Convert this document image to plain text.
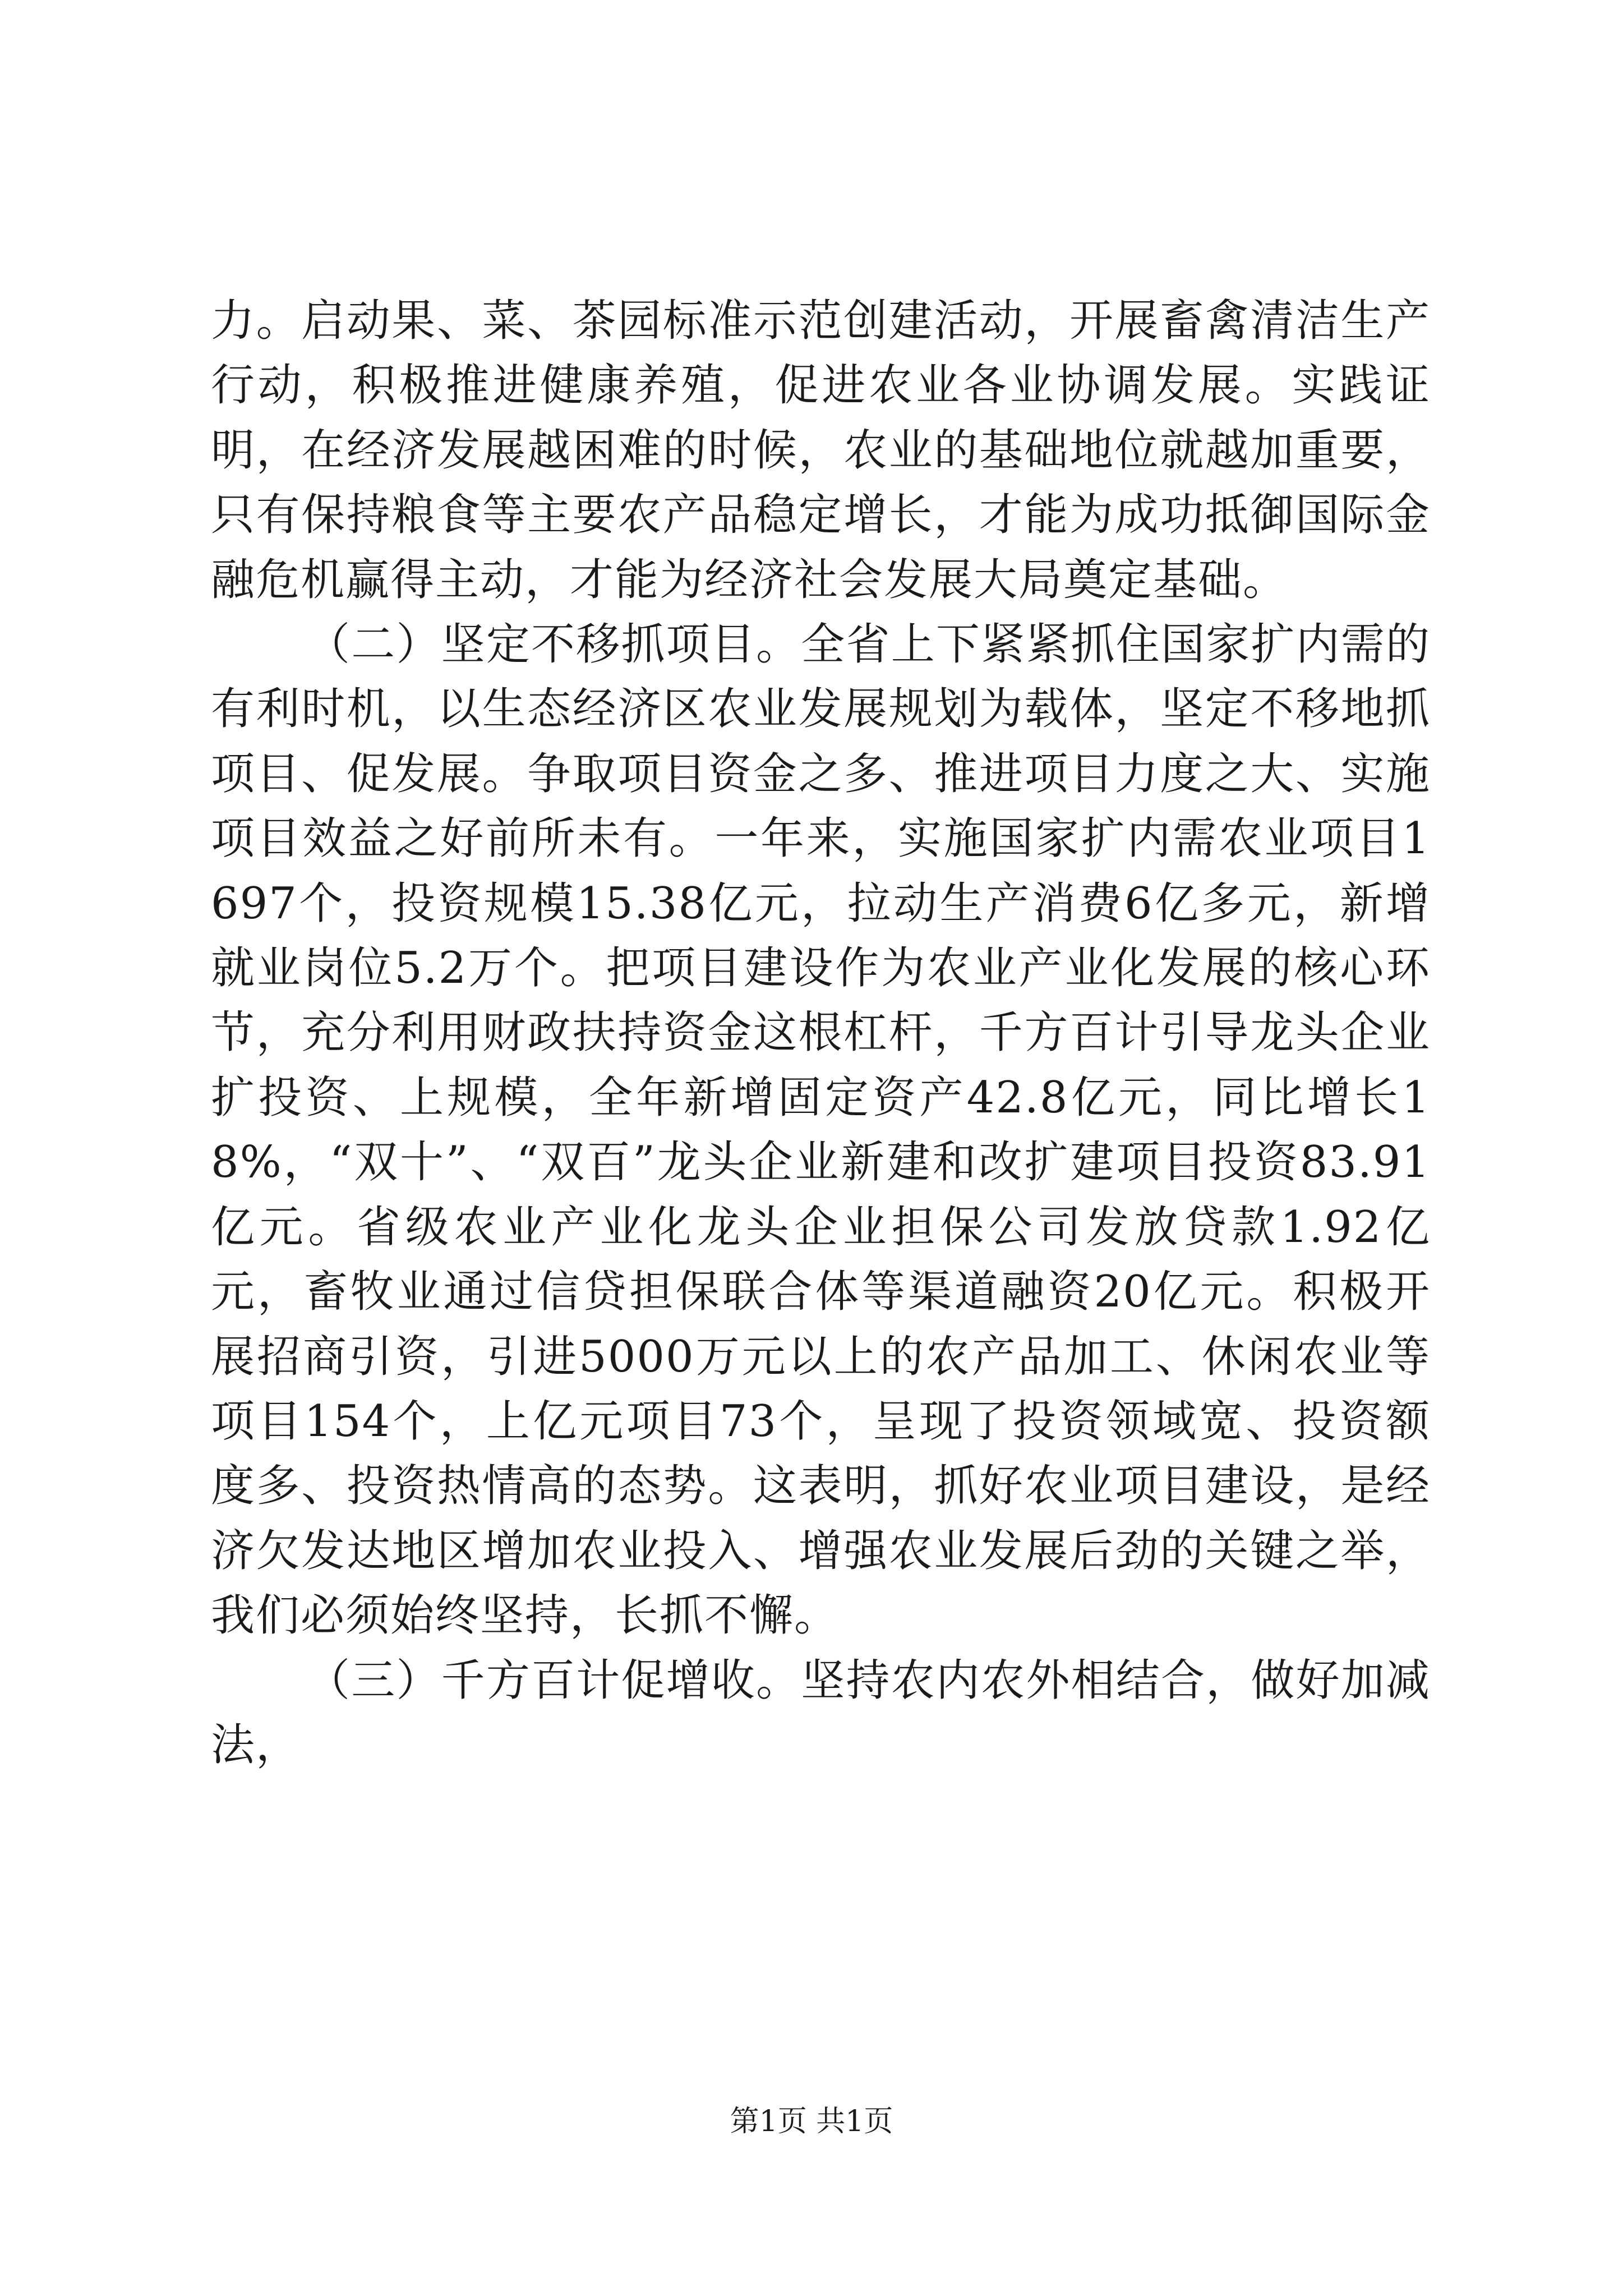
力。启动果、菜、茶园标准示范创建活动，开展畜禽清洁生产行动，积极推进健康养殖，促进农业各业协调发展。实践证明，在经济发展越困难的时候，农业的基础地位就越加重要，只有保持粮食等主要农产品稳定增长，才能为成功抵御国际金融危机赢得主动，才能为经济社会发展大局奠定基础。

（二）坚定不移抓项目。全省上下紧紧抓住国家扩内需的有利时机，以生态经济区农业发展规划为载体，坚定不移地抓项目、促发展。争取项目资金之多、推进项目力度之大、实施项目效益之好前所未有。一年来，实施国家扩内需农业项目1697个，投资规模15.38亿元，拉动生产消费6亿多元，新增就业岗位5.2万个。把项目建设作为农业产业化发展的核心环节，充分利用财政扶持资金这根杠杆，千方百计引导龙头企业扩投资、上规模，全年新增固定资产42.8亿元，同比增长18%，“双十”、“双百”龙头企业新建和改扩建项目投资83.91亿元。省级农业产业化龙头企业担保公司发放贷款1.92亿元，畜牧业通过信贷担保联合体等渠道融资20亿元。积极开展招商引资，引进5000万元以上的农产品加工、休闲农业等项目154个，上亿元项目73个，呈现了投资领域宽、投资额度多、投资热情高的态势。这表明，抓好农业项目建设，是经济欠发达地区增加农业投入、增强农业发展后劲的关键之举，我们必须始终坚持，长抓不懈。

（三）千方百计促增收。坚持农内农外相结合，做好加减法，

第1页 共1页
